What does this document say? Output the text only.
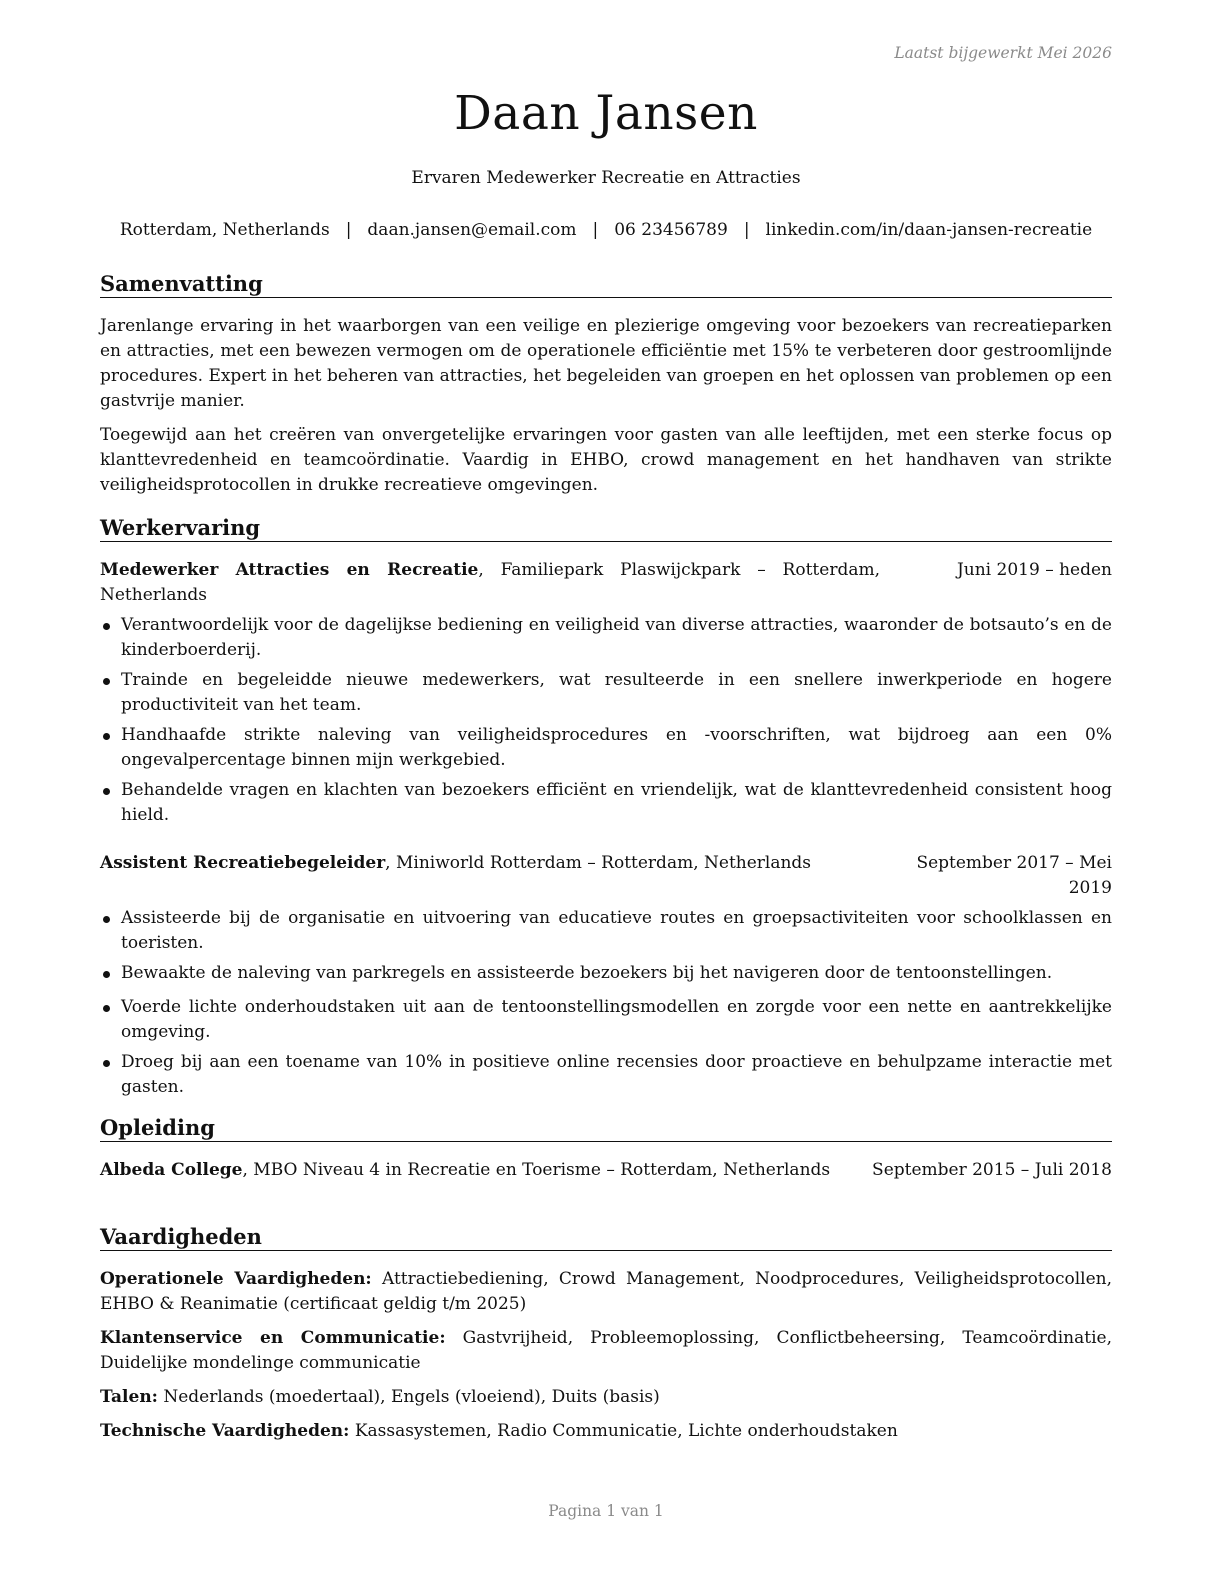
Laatst bijgewerkt Mei 2026
Daan Jansen
Ervaren Medewerker Recreatie en Attracties
Rotterdam, Netherlands | daan.jansen@email.com | 06 23456789 | linkedin.com/in/daan-jansen-recreatie
Samenvatting

Jarenlange ervaring in het waarborgen van een veilige en plezierige omgeving voor bezoekers van recreatieparken en attracties, met een bewezen vermogen om de operationele efficiëntie met 15% te verbeteren door gestroomlijnde procedures. Expert in het beheren van attracties, het begeleiden van groepen en het oplossen van problemen op een gastvrije manier.

Toegewijd aan het creëren van onvergetelijke ervaringen voor gasten van alle leeftijden, met een sterke focus op klanttevredenheid en teamcoördinatie. Vaardig in EHBO, crowd management en het handhaven van strikte veiligheidsprotocollen in drukke recreatieve omgevingen.

Werkervaring
Medewerker Attracties en Recreatie, Familiepark Plaswijckpark – Rotterdam, Netherlands
Juni 2019 – heden
Verantwoordelijk voor de dagelijkse bediening en veiligheid van diverse attracties, waaronder de botsauto’s en de kinderboerderij.
Trainde en begeleidde nieuwe medewerkers, wat resulteerde in een snellere inwerkperiode en hogere productiviteit van het team.
Handhaafde strikte naleving van veiligheidsprocedures en -voorschriften, wat bijdroeg aan een 0% ongevalpercentage binnen mijn werkgebied.
Behandelde vragen en klachten van bezoekers efficiënt en vriendelijk, wat de klanttevredenheid consistent hoog hield.
Assistent Recreatiebegeleider, Miniworld Rotterdam – Rotterdam, Netherlands	September 2017 – Mei 2019
Assisteerde bij de organisatie en uitvoering van educatieve routes en groepsactiviteiten voor schoolklassen en toeristen.
Bewaakte de naleving van parkregels en assisteerde bezoekers bij het navigeren door de tentoonstellingen.
Voerde lichte onderhoudstaken uit aan de tentoonstellingsmodellen en zorgde voor een nette en aantrekkelijke omgeving.
Droeg bij aan een toename van 10% in positieve online recensies door proactieve en behulpzame interactie met gasten.
Opleiding
Albeda College, MBO Niveau 4 in Recreatie en Toerisme – Rotterdam, Netherlands	September 2015 – Juli 2018
Vaardigheden
Operationele Vaardigheden: Attractiebediening, Crowd Management, Noodprocedures, Veiligheidsprotocollen, EHBO & Reanimatie (certificaat geldig t/m 2025)
Klantenservice en Communicatie: Gastvrijheid, Probleemoplossing, Conflictbeheersing, Teamcoördinatie, Duidelijke mondelinge communicatie
Talen: Nederlands (moedertaal), Engels (vloeiend), Duits (basis)
Technische Vaardigheden: Kassasystemen, Radio Communicatie, Lichte onderhoudstaken
Pagina 1 van 1
